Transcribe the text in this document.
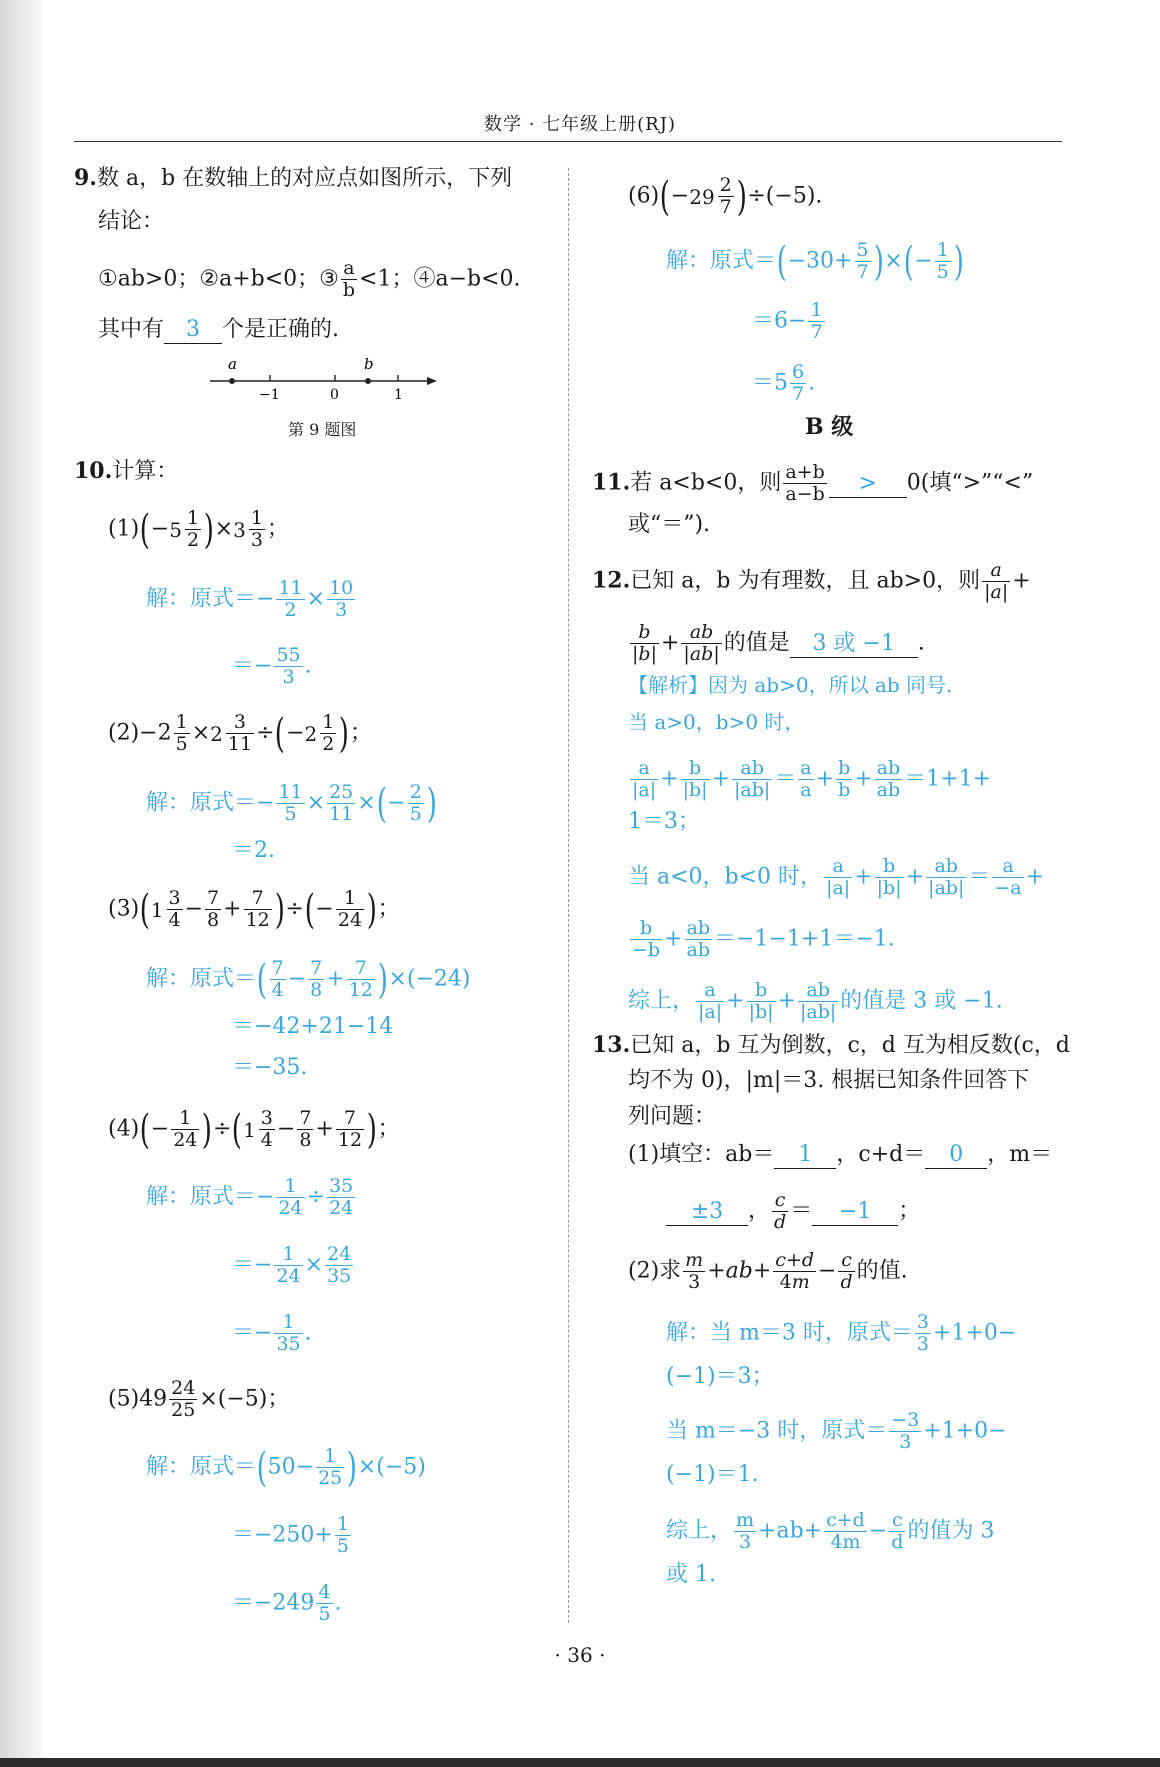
数学 · 七年级上册(RJ)
9.数 a，b 在数轴上的对应点如图所示，下列
结论：
①ab>0；②a+b<0；③ $\frac{a}{b} <1$；④a−b<0.
其中有 3 个是正确的.
a	b
−1	0	1
第 9 题图
10.计算：
(1)(− 5 1
2 )× 3 1
3 ；
解：原式＝− $\frac{11}{2} \times \frac{10}{3}$
＝− $\frac{55}{3}$ .
$(2)-2 \frac{1}{5} \times 2$ 3
11 ÷(− 2 1
2 )；
解：原式＝− $\frac{11}{5} \times \frac{25}{11}$ ×(− $\frac{2}{5}$ )
＝2.
(3)( 1 3
$4 - \frac{7}{8} + \frac{7}{12}$ )÷(− $\frac{1}{24}$ )；
解：原式＝( $\frac{7}{4} - \frac{7}{8} + \frac{7}{12} )\times(-24)$
＝−42+21−14
＝−35.
$(4)(- \frac{1}{24}$ )÷( 1 3
$4 - \frac{7}{8} + \frac{7}{12}$ )；
解：原式＝− $\frac{1}{24} \div \frac{35}{24}$
＝− $\frac{1}{24} \times \frac{24}{35}$
＝− $\frac{1}{35}$ .
$(5)49 \frac{24}{25} \times(-5)$；
解：原式$=(50- \frac{1}{25} )\times(-5)$
$=-250+ \frac{1}{5}$
$=-249 \frac{4}{5}$ .
(6)(− 29 2
7 )÷(−5).
解：原式$=(-30+ \frac{5}{7}$ )×(− $\frac{1}{5}$ )
$=6- \frac{1}{7}$
$=5 \frac{6}{7}$ .
B 级
11.若 a<b<0，则 $\frac{a+b}{a-b} > 0$(填“>”“<”
或“＝”).
12.已知 a，b 为有理数，且 ab>0，则 $\frac{a}{|a|}$ +
$\frac{b}{|b|} + \frac{ab}{|ab|}$ 的值是 3 或 −1 .
【解析】因为 ab>0，所以 ab 同号.
当 a>0，b>0 时，
$\frac{a}{|a|} + \frac{b}{|b|} + \frac{ab}{|ab|} = \frac{a}{a} + \frac{b}{b} + \frac{ab}{ab} =1+1+$
1＝3；
当 a<0，b<0 时， $\frac{a}{|a|} + \frac{b}{|b|} + \frac{ab}{|ab|} = \frac{a}{-a}$ +
$\frac{b}{-b} + \frac{ab}{ab} =-1-1+1=-1$.
综上， $\frac{a}{|a|} + \frac{b}{|b|} + \frac{ab}{|ab|}$ 的值是 3 或 −1.
13.已知 a，b 互为倒数，c，d 互为相反数(c，d
均不为 0)，|m|＝3. 根据已知条件回答下
列问题：
(1)填空：ab＝ 1 ，c+d＝ 0 ，m＝
±3 ， $\frac{c}{d} = -1$ ；
(2)求 $\frac{m}{3} +ab+ \frac{c+d}{4m} - \frac{c}{d}$ 的值.
解：当 m＝3 时，原式＝ $\frac{3}{3} +1+0-$
(−1)＝3；
当 m＝−3 时，原式＝ $\frac{-3}{3} +1+0-$
(−1)＝1.
综上， $\frac{m}{3} +ab+ \frac{c+d}{4m} - \frac{c}{d}$ 的值为 3
或 1.
· 36 ·
